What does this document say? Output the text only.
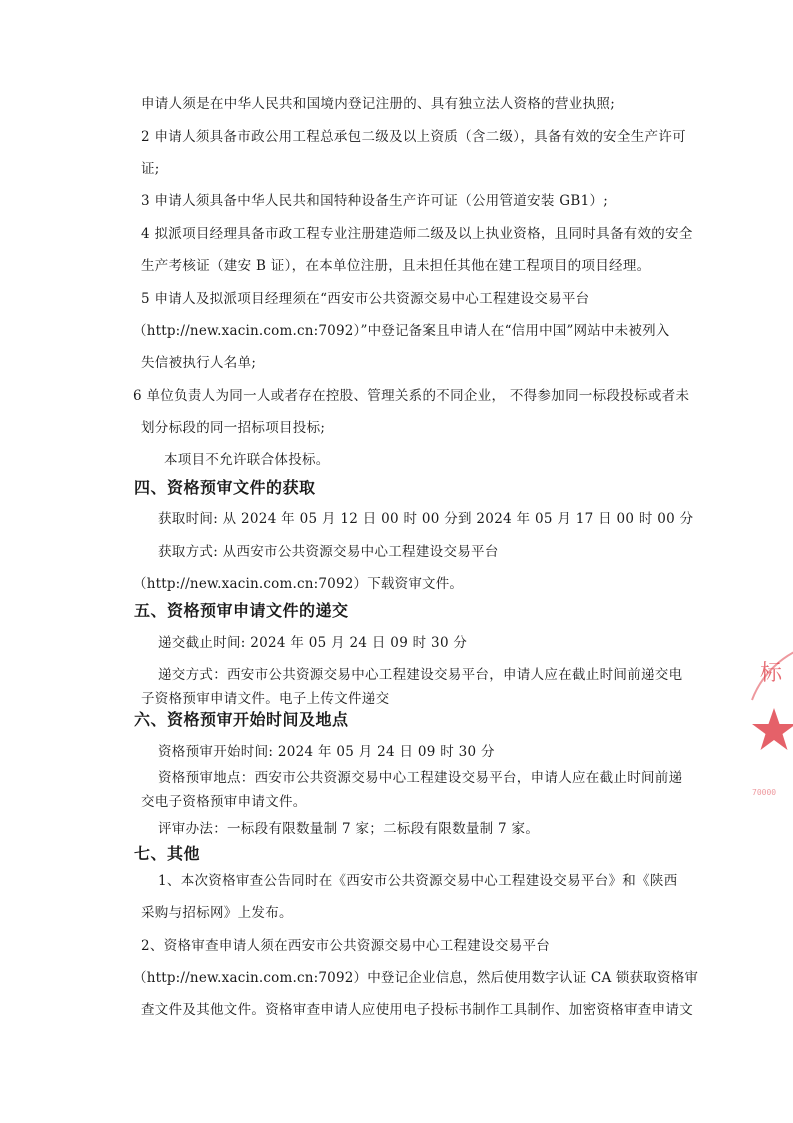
申请人须是在中华人民共和国境内登记注册的、具有独立法人资格的营业执照;
2 申请人须具备市政公用工程总承包二级及以上资质（含二级），具备有效的安全生产许可
证;
3 申请人须具备中华人民共和国特种设备生产许可证（公用管道安装 GB1）;
4 拟派项目经理具备市政工程专业注册建造师二级及以上执业资格，且同时具备有效的安全
生产考核证（建安 B 证），在本单位注册，且未担任其他在建工程项目的项目经理。
5 申请人及拟派项目经理须在“西安市公共资源交易中心工程建设交易平台
（http://new.xacin.com.cn:7092）”中登记备案且申请人在“信用中国”网站中未被列入
失信被执行人名单;
6 单位负责人为同一人或者存在控股、管理关系的不同企业， 不得参加同一标段投标或者未
划分标段的同一招标项目投标;
本项目不允许联合体投标。
四、资格预审文件的获取
获取时间: 从 2024 年 05 月 12 日 00 时 00 分到 2024 年 05 月 17 日 00 时 00 分
获取方式: 从西安市公共资源交易中心工程建设交易平台
（http://new.xacin.com.cn:7092）下载资审文件。
五、资格预审申请文件的递交
递交截止时间: 2024 年 05 月 24 日 09 时 30 分
递交方式：西安市公共资源交易中心工程建设交易平台，申请人应在截止时间前递交电
子资格预审申请文件。电子上传文件递交
六、资格预审开始时间及地点
资格预审开始时间: 2024 年 05 月 24 日 09 时 30 分
资格预审地点：西安市公共资源交易中心工程建设交易平台，申请人应在截止时间前递
交电子资格预审申请文件。
评审办法：一标段有限数量制 7 家；二标段有限数量制 7 家。
七、其他
1、本次资格审查公告同时在《西安市公共资源交易中心工程建设交易平台》和《陕西
采购与招标网》上发布。
2、资格审查申请人须在西安市公共资源交易中心工程建设交易平台
（http://new.xacin.com.cn:7092）中登记企业信息，然后使用数字认证 CA 锁获取资格审
查文件及其他文件。资格审查申请人应使用电子投标书制作工具制作、加密资格审查申请文
标
70000
